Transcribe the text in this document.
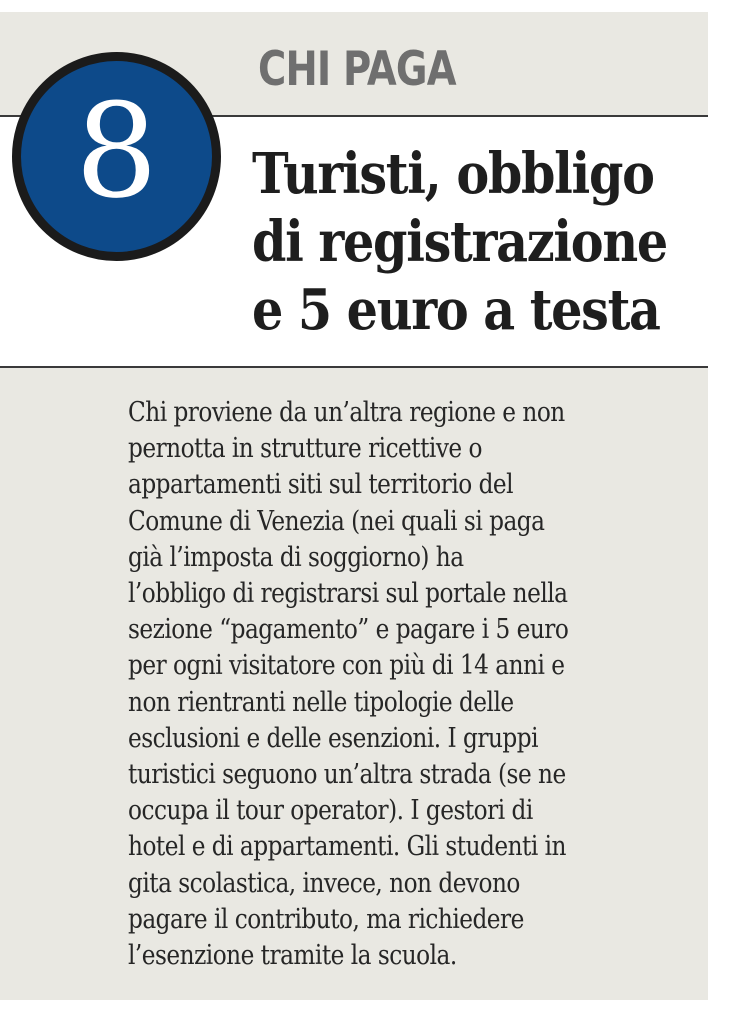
CHI PAGA
8 Turisti, obbligo
di registrazione
e 5 euro a testa
Chi proviene da un’altra regione e non
pernotta in strutture ricettive o
appartamenti siti sul territorio del
Comune di Venezia (nei quali si paga
già l’imposta di soggiorno) ha
l’obbligo di registrarsi sul portale nella
sezione “pagamento” e pagare i 5 euro
per ogni visitatore con più di 14 anni e
non rientranti nelle tipologie delle
esclusioni e delle esenzioni. I gruppi
turistici seguono un’altra strada (se ne
occupa il tour operator). I gestori di
hotel e di appartamenti. Gli studenti in
gita scolastica, invece, non devono
pagare il contributo, ma richiedere
l’esenzione tramite la scuola.
